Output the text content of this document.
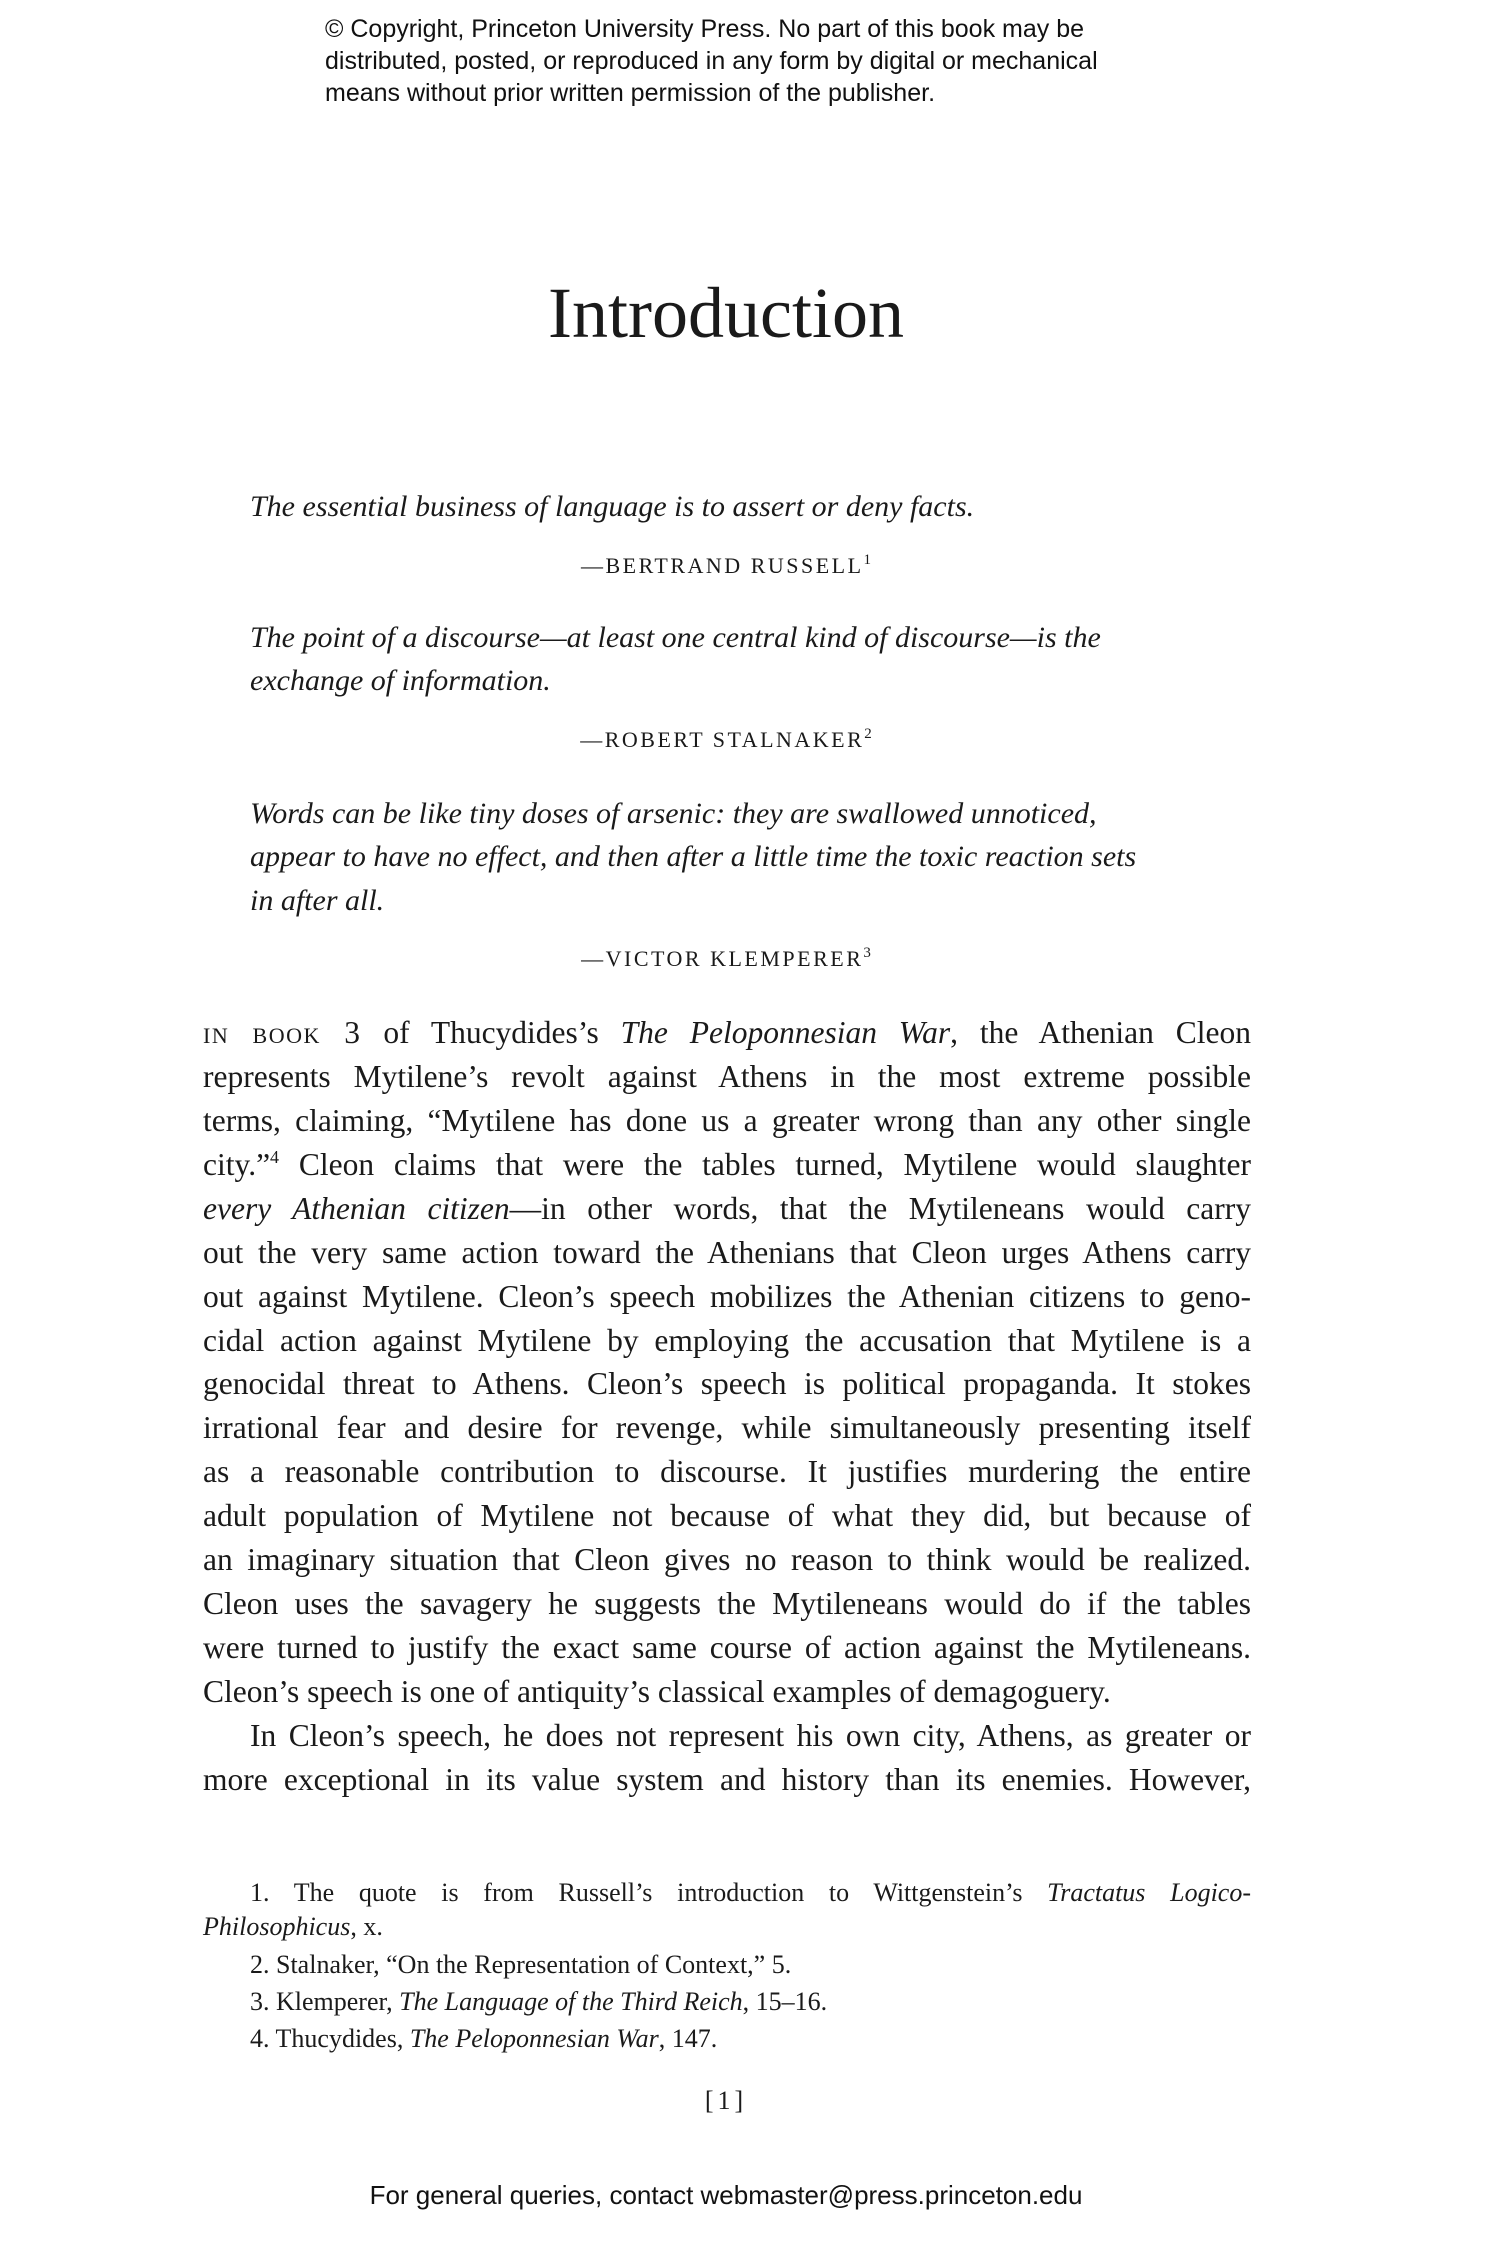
© Copyright, Princeton University Press. No part of this book may be
distributed, posted, or reproduced in any form by digital or mechanical
means without prior written permission of the publisher.
Introduction
The essential business of language is to assert or deny facts.
—BERTRAND RUSSELL$^1$
The point of a discourse—at least one central kind of discourse—is the
exchange of information.
—ROBERT STALNAKER$^2$
Words can be like tiny doses of arsenic: they are swallowed unnoticed,
appear to have no effect, and then after a little time the toxic reaction sets
in after all.
—VICTOR KLEMPERER$^3$
in book 3 of Thucydides’s The Peloponnesian War, the Athenian Cleon
represents Mytilene’s revolt against Athens in the most extreme possible
terms, claiming, “Mytilene has done us a greater wrong than any other single
city.”$^4$ Cleon claims that were the tables turned, Mytilene would slaughter
every Athenian citizen—in other words, that the Mytileneans would carry
out the very same action toward the Athenians that Cleon urges Athens carry
out against Mytilene. Cleon’s speech mobilizes the Athenian citizens to geno-
cidal action against Mytilene by employing the accusation that Mytilene is a
genocidal threat to Athens. Cleon’s speech is political propaganda. It stokes
irrational fear and desire for revenge, while simultaneously presenting itself
as a reasonable contribution to discourse. It justifies murdering the entire
adult population of Mytilene not because of what they did, but because of
an imaginary situation that Cleon gives no reason to think would be realized.
Cleon uses the savagery he suggests the Mytileneans would do if the tables
were turned to justify the exact same course of action against the Mytileneans.
Cleon’s speech is one of antiquity’s classical examples of demagoguery.
In Cleon’s speech, he does not represent his own city, Athens, as greater or
more exceptional in its value system and history than its enemies. However,
1. The quote is from Russell’s introduction to Wittgenstein’s Tractatus Logico-
Philosophicus, x.
2. Stalnaker, “On the Representation of Context,” 5.
3. Klemperer, The Language of the Third Reich, 15–16.
4. Thucydides, The Peloponnesian War, 147.
[1]
For general queries, contact webmaster@press.princeton.edu
